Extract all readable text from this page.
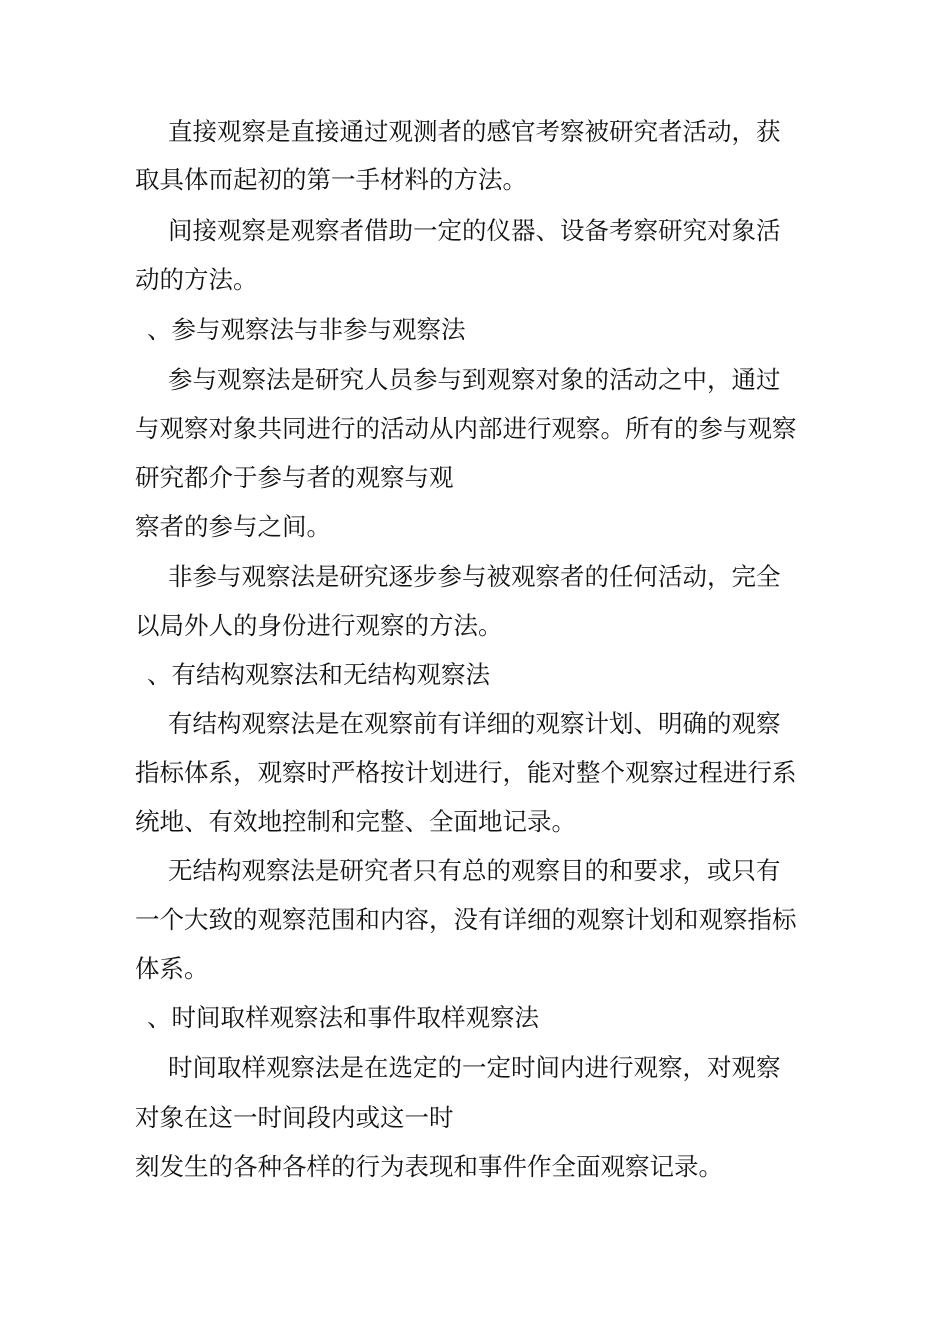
直接观察是直接通过观测者的感官考察被研究者活动，获
取具体而起初的第一手材料的方法。
间接观察是观察者借助一定的仪器、设备考察研究对象活
动的方法。
、参与观察法与非参与观察法
参与观察法是研究人员参与到观察对象的活动之中，通过
与观察对象共同进行的活动从内部进行观察。所有的参与观察
研究都介于参与者的观察与观
察者的参与之间。
非参与观察法是研究逐步参与被观察者的任何活动，完全
以局外人的身份进行观察的方法。
、有结构观察法和无结构观察法
有结构观察法是在观察前有详细的观察计划、明确的观察
指标体系，观察时严格按计划进行，能对整个观察过程进行系
统地、有效地控制和完整、全面地记录。
无结构观察法是研究者只有总的观察目的和要求，或只有
一个大致的观察范围和内容，没有详细的观察计划和观察指标
体系。
、时间取样观察法和事件取样观察法
时间取样观察法是在选定的一定时间内进行观察，对观察
对象在这一时间段内或这一时
刻发生的各种各样的行为表现和事件作全面观察记录。
